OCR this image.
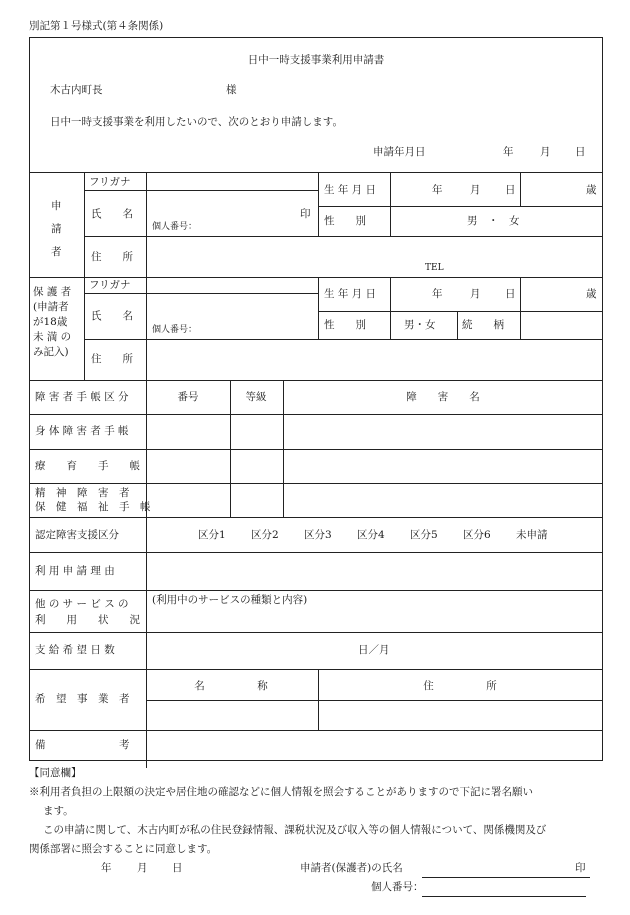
別記第１号様式(第４条関係)
日中一時支援事業利用申請書
木古内町長	様
日中一時支援事業を利用したいので、次のとおり申請します。
申請年月日	年	月 日
申
請
者
フリガナ
氏　　名	印
個人番号：
生 年 月 日	年	月 日	歳
性　　別	男　・　女
住　　所
TEL
保 護 者
(申請者
が18歳
未 満 の
み記入)
フリガナ
氏　　名
個人番号：
生 年 月 日	年	月 日	歳
性　　別	男・女	続　　柄
住　　所
障 害 者 手 帳 区 分	番号	等級	障　　害　　名
身 体 障 害 者 手 帳
療　　育　　手　　帳
精　神　障　害　者
保　健　福　祉　手　帳
認定障害支援区分	区分1 区分2 区分3 区分4 区分5 区分6 未申請
利 用 申 請 理 由
他 の サ ー ビ ス の
利　　用　　状　　況
(利用中のサービスの種類と内容)
支 給 希 望 日 数	日／月
希　望　事　業　者
名　　　　　称	住　　　　　所
備　　　　　　　考
【同意欄】
※利用者負担の上限額の決定や居住地の確認などに個人情報を照会することがありますので下記に署名願い
ます。
この申請に関して、木古内町が私の住民登録情報、課税状況及び収入等の個人情報について、関係機関及び
関係部署に照会することに同意します。
年 月 日	申請者(保護者)の氏名	印
個人番号：
